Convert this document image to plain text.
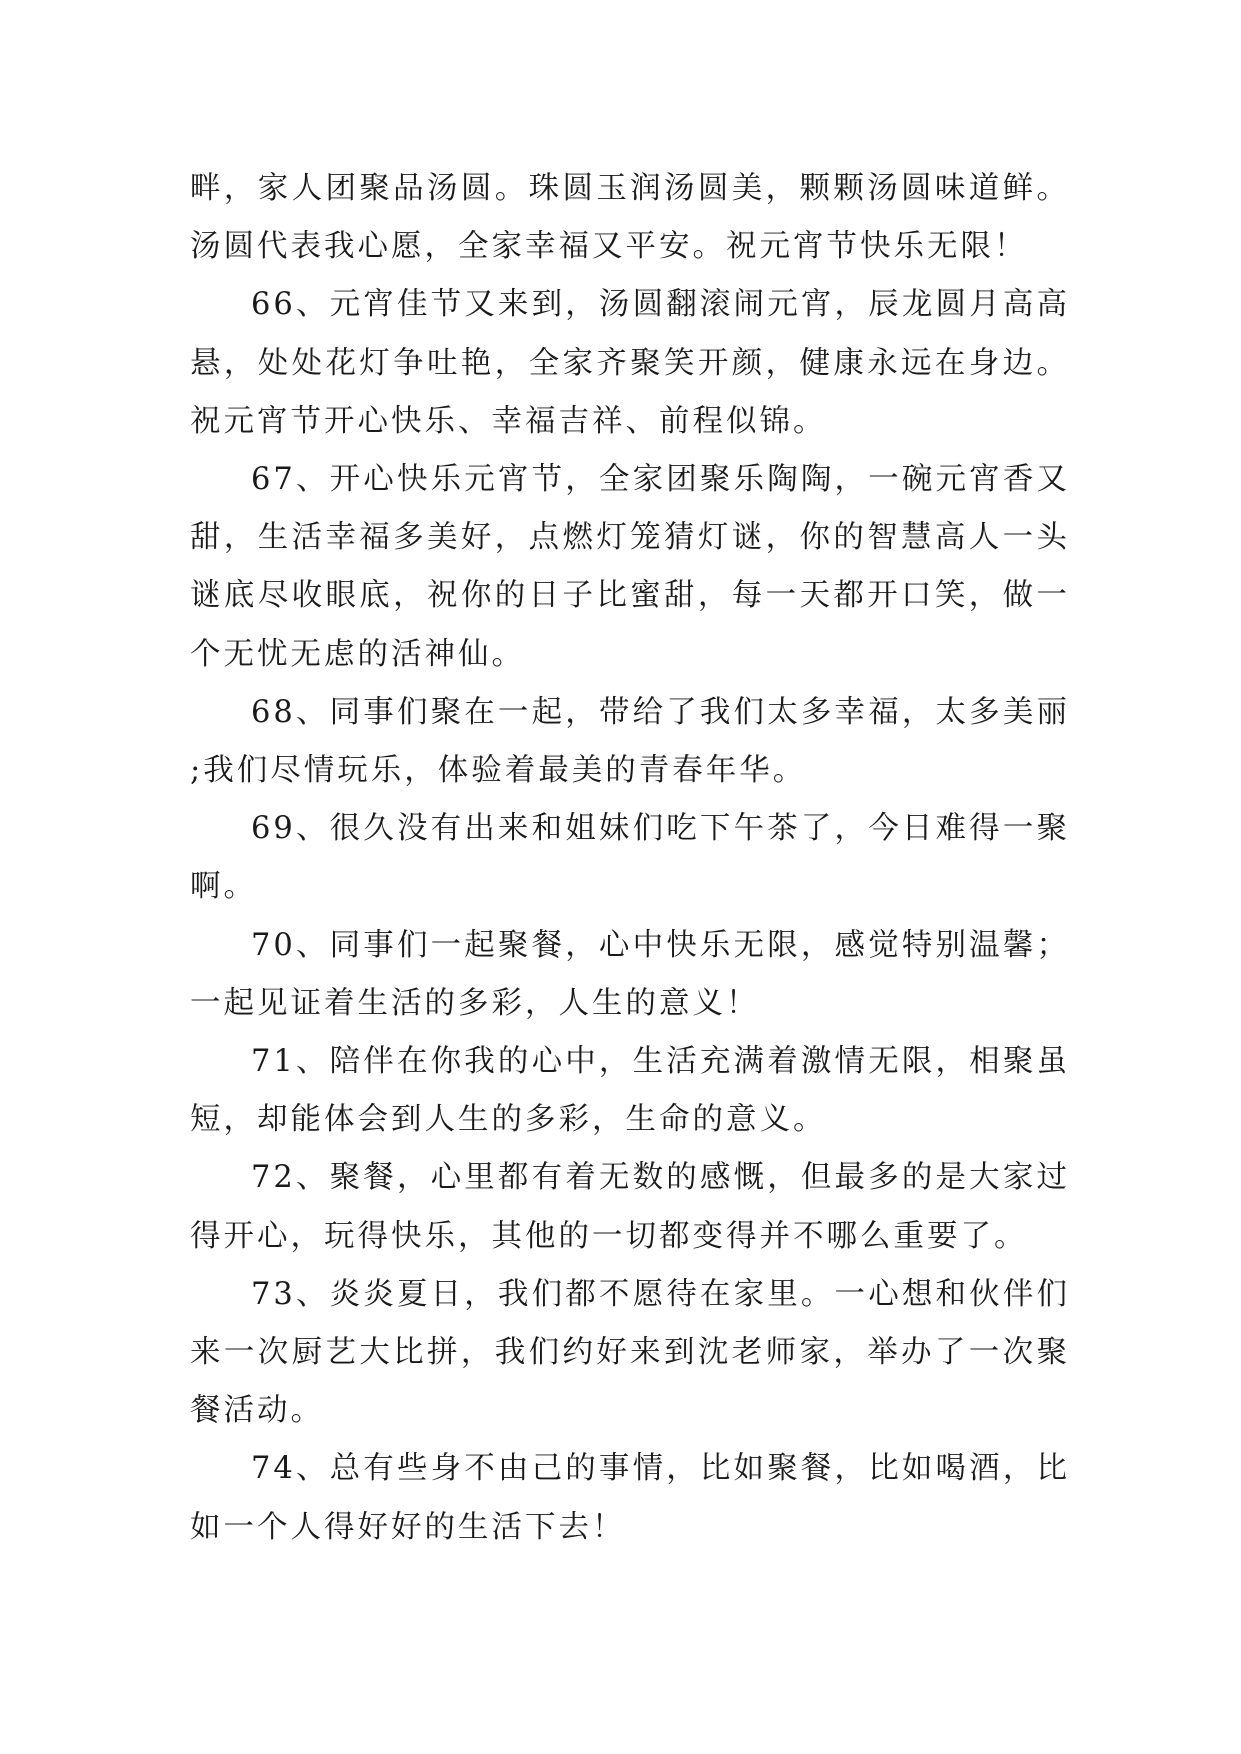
畔，家人团聚品汤圆。珠圆玉润汤圆美，颗颗汤圆味道鲜。汤圆代表我心愿，全家幸福又平安。祝元宵节快乐无限！

66、元宵佳节又来到，汤圆翻滚闹元宵，辰龙圆月高高悬，处处花灯争吐艳，全家齐聚笑开颜，健康永远在身边。祝元宵节开心快乐、幸福吉祥、前程似锦。

67、开心快乐元宵节，全家团聚乐陶陶，一碗元宵香又甜，生活幸福多美好，点燃灯笼猜灯谜，你的智慧高人一头谜底尽收眼底，祝你的日子比蜜甜，每一天都开口笑，做一个无忧无虑的活神仙。

68、同事们聚在一起，带给了我们太多幸福，太多美丽;我们尽情玩乐，体验着最美的青春年华。

69、很久没有出来和姐妹们吃下午茶了，今日难得一聚啊。

70、同事们一起聚餐，心中快乐无限，感觉特别温馨；一起见证着生活的多彩，人生的意义！

71、陪伴在你我的心中，生活充满着激情无限，相聚虽短，却能体会到人生的多彩，生命的意义。

72、聚餐，心里都有着无数的感慨，但最多的是大家过得开心，玩得快乐，其他的一切都变得并不哪么重要了。

73、炎炎夏日，我们都不愿待在家里。一心想和伙伴们来一次厨艺大比拼，我们约好来到沈老师家，举办了一次聚餐活动。

74、总有些身不由己的事情，比如聚餐，比如喝酒，比如一个人得好好的生活下去！
